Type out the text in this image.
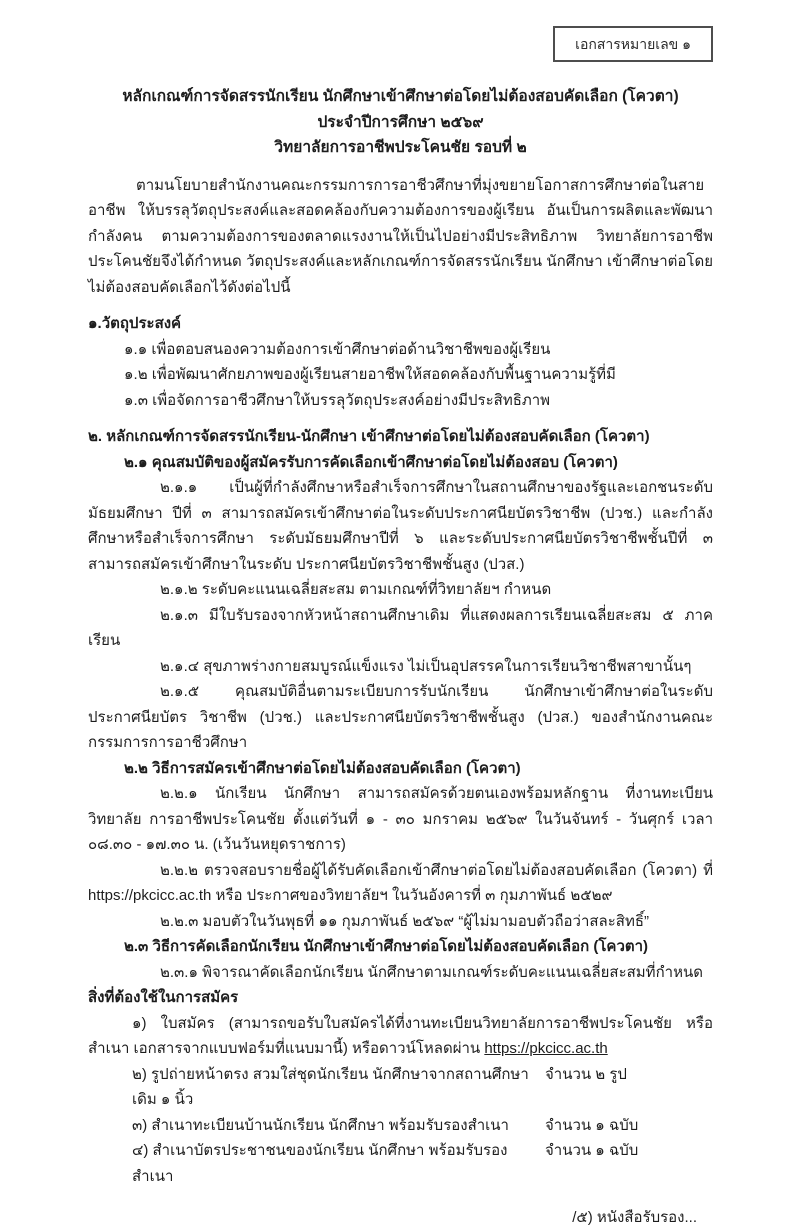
เอกสารหมายเลข ๑

หลักเกณฑ์การจัดสรรนักเรียน นักศึกษาเข้าศึกษาต่อโดยไม่ต้องสอบคัดเลือก (โควตา)

ประจำปีการศึกษา ๒๕๖๙

วิทยาลัยการอาชีพประโคนชัย รอบที่ ๒

ตามนโยบายสำนักงานคณะกรรมการการอาชีวศึกษาที่มุ่งขยายโอกาสการศึกษาต่อในสายอาชีพ ให้บรรลุวัตถุประสงค์และสอดคล้องกับความต้องการของผู้เรียน อันเป็นการผลิตและพัฒนากำลังคน ตามความต้องการของตลาดแรงงานให้เป็นไปอย่างมีประสิทธิภาพ วิทยาลัยการอาชีพประโคนชัยจึงได้กำหนด วัตถุประสงค์และหลักเกณฑ์การจัดสรรนักเรียน นักศึกษา เข้าศึกษาต่อโดยไม่ต้องสอบคัดเลือกไว้ดังต่อไปนี้

๑.วัตถุประสงค์

๑.๑ เพื่อตอบสนองความต้องการเข้าศึกษาต่อด้านวิชาชีพของผู้เรียน

๑.๒ เพื่อพัฒนาศักยภาพของผู้เรียนสายอาชีพให้สอดคล้องกับพื้นฐานความรู้ที่มี

๑.๓ เพื่อจัดการอาชีวศึกษาให้บรรลุวัตถุประสงค์อย่างมีประสิทธิภาพ

๒. หลักเกณฑ์การจัดสรรนักเรียน-นักศึกษา เข้าศึกษาต่อโดยไม่ต้องสอบคัดเลือก (โควตา)

๒.๑ คุณสมบัติของผู้สมัครรับการคัดเลือกเข้าศึกษาต่อโดยไม่ต้องสอบ (โควตา)

๒.๑.๑ เป็นผู้ที่กำลังศึกษาหรือสำเร็จการศึกษาในสถานศึกษาของรัฐและเอกชนระดับมัธยมศึกษา ปีที่ ๓ สามารถสมัครเข้าศึกษาต่อในระดับประกาศนียบัตรวิชาชีพ (ปวช.) และกำลังศึกษาหรือสำเร็จการศึกษา ระดับมัธยมศึกษาปีที่ ๖ และระดับประกาศนียบัตรวิชาชีพชั้นปีที่ ๓ สามารถสมัครเข้าศึกษาในระดับ ประกาศนียบัตรวิชาชีพชั้นสูง (ปวส.)

๒.๑.๒ ระดับคะแนนเฉลี่ยสะสม ตามเกณฑ์ที่วิทยาลัยฯ กำหนด

๒.๑.๓ มีใบรับรองจากหัวหน้าสถานศึกษาเดิม ที่แสดงผลการเรียนเฉลี่ยสะสม ๕ ภาคเรียน

๒.๑.๔ สุขภาพร่างกายสมบูรณ์แข็งแรง ไม่เป็นอุปสรรคในการเรียนวิชาชีพสาขานั้นๆ

๒.๑.๕ คุณสมบัติอื่นตามระเบียบการรับนักเรียน นักศึกษาเข้าศึกษาต่อในระดับประกาศนียบัตร วิชาชีพ (ปวช.) และประกาศนียบัตรวิชาชีพชั้นสูง (ปวส.) ของสำนักงานคณะกรรมการการอาชีวศึกษา

๒.๒ วิธีการสมัครเข้าศึกษาต่อโดยไม่ต้องสอบคัดเลือก (โควตา)

๒.๒.๑ นักเรียน นักศึกษา สามารถสมัครด้วยตนเองพร้อมหลักฐาน ที่งานทะเบียนวิทยาลัย การอาชีพประโคนชัย ตั้งแต่วันที่ ๑ - ๓๐ มกราคม ๒๕๖๙ ในวันจันทร์ - วันศุกร์ เวลา ๐๘.๓๐ - ๑๗.๓๐ น. (เว้นวันหยุดราชการ)

๒.๒.๒ ตรวจสอบรายชื่อผู้ได้รับคัดเลือกเข้าศึกษาต่อโดยไม่ต้องสอบคัดเลือก (โควตา) ที่ https://pkcicc.ac.th หรือ ประกาศของวิทยาลัยฯ ในวันอังคารที่ ๓ กุมภาพันธ์ ๒๕๒๙

๒.๒.๓ มอบตัวในวันพุธที่ ๑๑ กุมภาพันธ์ ๒๕๖๙ “ผู้ไม่มามอบตัวถือว่าสละสิทธิ์”

๒.๓ วิธีการคัดเลือกนักเรียน นักศึกษาเข้าศึกษาต่อโดยไม่ต้องสอบคัดเลือก (โควตา)

๒.๓.๑ พิจารณาคัดเลือกนักเรียน นักศึกษาตามเกณฑ์ระดับคะแนนเฉลี่ยสะสมที่กำหนด

สิ่งที่ต้องใช้ในการสมัคร

๑) ใบสมัคร (สามารถขอรับใบสมัครได้ที่งานทะเบียนวิทยาลัยการอาชีพประโคนชัย หรือสำเนา เอกสารจากแบบฟอร์มที่แนบมานี้) หรือดาวน์โหลดผ่าน https://pkcicc.ac.th

๒) รูปถ่ายหน้าตรง สวมใส่ชุดนักเรียน นักศึกษาจากสถานศึกษาเดิม ๑ นิ้ว
จำนวน ๒ รูป
๓) สำเนาทะเบียนบ้านนักเรียน นักศึกษา พร้อมรับรองสำเนา	จำนวน ๑ ฉบับ
๔) สำเนาบัตรประชาชนของนักเรียน นักศึกษา พร้อมรับรองสำเนา
จำนวน ๑ ฉบับ

/๕) หนังสือรับรอง...
